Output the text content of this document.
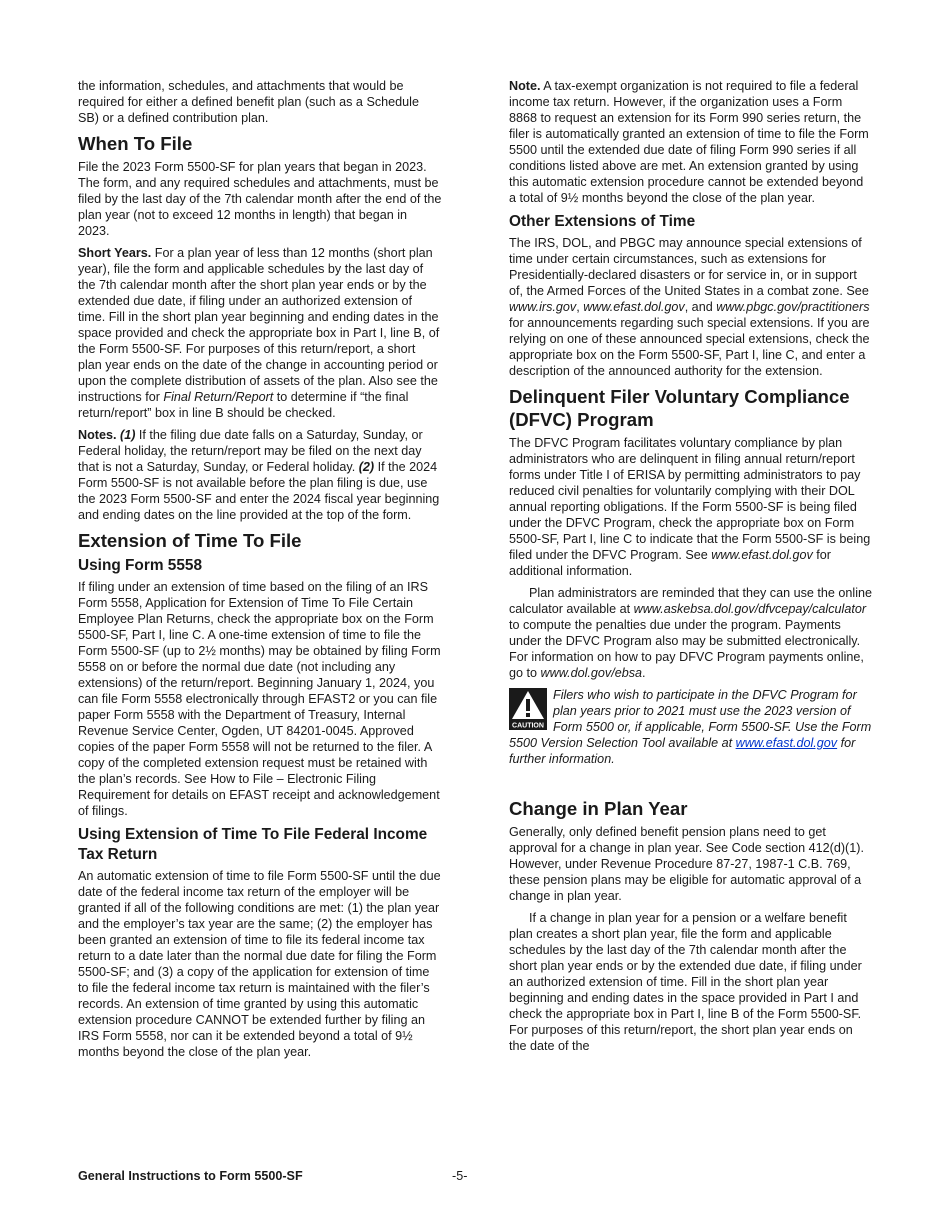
the information, schedules, and attachments that would be required for either a defined benefit plan (such as a Schedule SB) or a defined contribution plan.

When To File

File the 2023 Form 5500-SF for plan years that began in 2023. The form, and any required schedules and attachments, must be filed by the last day of the 7th calendar month after the end of the plan year (not to exceed 12 months in length) that began in 2023.

Short Years. For a plan year of less than 12 months (short plan year), file the form and applicable schedules by the last day of the 7th calendar month after the short plan year ends or by the extended due date, if filing under an authorized extension of time. Fill in the short plan year beginning and ending dates in the space provided and check the appropriate box in Part I, line B, of the Form 5500-SF. For purposes of this return/report, a short plan year ends on the date of the change in accounting period or upon the complete distribution of assets of the plan. Also see the instructions for Final Return/Report to determine if “the final return/report” box in line B should be checked.

Notes. (1) If the filing due date falls on a Saturday, Sunday, or Federal holiday, the return/report may be filed on the next day that is not a Saturday, Sunday, or Federal holiday. (2) If the 2024 Form 5500-SF is not available before the plan filing is due, use the 2023 Form 5500-SF and enter the 2024 fiscal year beginning and ending dates on the line provided at the top of the form.

Extension of Time To File
Using Form 5558

If filing under an extension of time based on the filing of an IRS Form 5558, Application for Extension of Time To File Certain Employee Plan Returns, check the appropriate box on the Form 5500-SF, Part I, line C. A one-time extension of time to file the Form 5500-SF (up to 2½ months) may be obtained by filing Form 5558 on or before the normal due date (not including any extensions) of the return/report. Beginning January 1, 2024, you can file Form 5558 electronically through EFAST2 or you can file paper Form 5558 with the Department of Treasury, Internal Revenue Service Center, Ogden, UT 84201-0045. Approved copies of the paper Form 5558 will not be returned to the filer. A copy of the completed extension request must be retained with the plan’s records. See How to File – Electronic Filing Requirement for details on EFAST receipt and acknowledgement of filings.

Using Extension of Time To File Federal Income Tax Return

An automatic extension of time to file Form 5500-SF until the due date of the federal income tax return of the employer will be granted if all of the following conditions are met: (1) the plan year and the employer’s tax year are the same; (2) the employer has been granted an extension of time to file its federal income tax return to a date later than the normal due date for filing the Form 5500-SF; and (3) a copy of the application for extension of time to file the federal income tax return is maintained with the filer’s records. An extension of time granted by using this automatic extension procedure CANNOT be extended further by filing an IRS Form 5558, nor can it be extended beyond a total of 9½ months beyond the close of the plan year.

Note. A tax-exempt organization is not required to file a federal income tax return. However, if the organization uses a Form 8868 to request an extension for its Form 990 series return, the filer is automatically granted an extension of time to file the Form 5500 until the extended due date of filing Form 990 series if all conditions listed above are met. An extension granted by using this automatic extension procedure cannot be extended beyond a total of 9½ months beyond the close of the plan year.

Other Extensions of Time

The IRS, DOL, and PBGC may announce special extensions of time under certain circumstances, such as extensions for Presidentially-declared disasters or for service in, or in support of, the Armed Forces of the United States in a combat zone. See www.irs.gov, www.efast.dol.gov, and www.pbgc.gov/practitioners for announcements regarding such special extensions. If you are relying on one of these announced special extensions, check the appropriate box on the Form 5500-SF, Part I, line C, and enter a description of the announced authority for the extension.

Delinquent Filer Voluntary Compliance (DFVC) Program

The DFVC Program facilitates voluntary compliance by plan administrators who are delinquent in filing annual return/report forms under Title I of ERISA by permitting administrators to pay reduced civil penalties for voluntarily complying with their DOL annual reporting obligations. If the Form 5500-SF is being filed under the DFVC Program, check the appropriate box on Form 5500-SF, Part I, line C to indicate that the Form 5500-SF is being filed under the DFVC Program. See www.efast.dol.gov for additional information.

Plan administrators are reminded that they can use the online calculator available at www.askebsa.dol.gov/dfvcepay/calculator to compute the penalties due under the program. Payments under the DFVC Program also may be submitted electronically. For information on how to pay DFVC Program payments online, go to www.dol.gov/ebsa.

CAUTION

Filers who wish to participate in the DFVC Program for plan years prior to 2021 must use the 2023 version of Form 5500 or, if applicable, Form 5500-SF. Use the Form 5500 Version Selection Tool available at www.efast.dol.gov for further information.

Change in Plan Year

Generally, only defined benefit pension plans need to get approval for a change in plan year. See Code section 412(d)(1). However, under Revenue Procedure 87-27, 1987-1 C.B. 769, these pension plans may be eligible for automatic approval of a change in plan year.

If a change in plan year for a pension or a welfare benefit plan creates a short plan year, file the form and applicable schedules by the last day of the 7th calendar month after the short plan year ends or by the extended due date, if filing under an authorized extension of time. Fill in the short plan year beginning and ending dates in the space provided in Part I and check the appropriate box in Part I, line B of the Form 5500-SF. For purposes of this return/report, the short plan year ends on the date of the

General Instructions to Form 5500-SF	-5-
